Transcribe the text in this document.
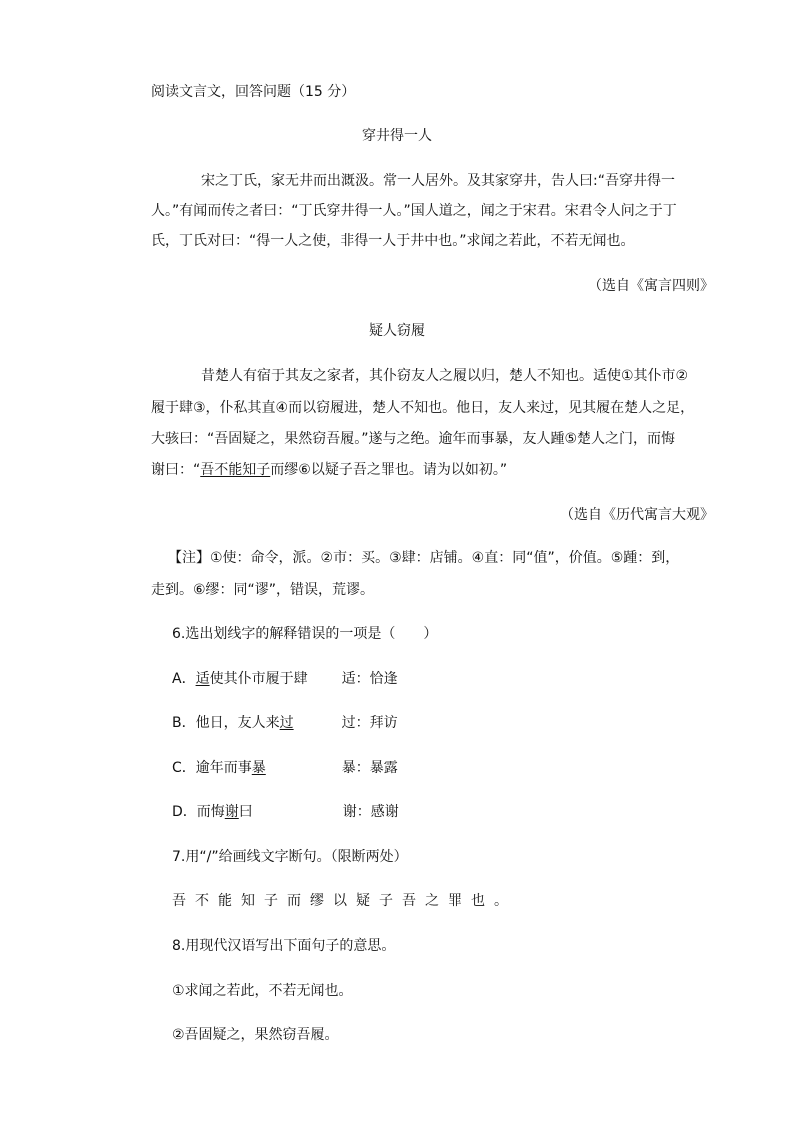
阅读文言文，回答问题（15 分）
穿井得一人
宋之丁氏，家无井而出溉汲。常一人居外。及其家穿井，告人曰:“吾穿井得一
人。”有闻而传之者曰：“丁氏穿井得一人。”国人道之，闻之于宋君。宋君令人问之于丁
氏，丁氏对曰：“得一人之使，非得一人于井中也。”求闻之若此，不若无闻也。
（选自《寓言四则》
疑人窃履
昔楚人有宿于其友之家者，其仆窃友人之履以归，楚人不知也。适使①其仆市②
履于肆③，仆私其直④而以窃履进，楚人不知也。他日，友人来过，见其履在楚人之足，
大骇曰：“吾固疑之，果然窃吾履。”遂与之绝。逾年而事暴，友人踵⑤楚人之门，而悔
谢曰：“吾不能知子而缪⑥以疑子吾之罪也。请为以如初。”
（选自《历代寓言大观》
【注】①使：命令，派。②市：买。③肆：店铺。④直：同“值”，价值。⑤踵：到，
走到。⑥缪：同“谬”，错误，荒谬。
6.选出划线字的解释错误的一项是（　　）
A．适使其仆市履于肆 适：恰逢
B．他日，友人来过	过：拜访
C．逾年而事暴	暴：暴露
D．而悔谢曰	谢：感谢
7.用“/”给画线文字断句。（限断两处）
吾不能知子而缪以疑子吾之罪也。
8.用现代汉语写出下面句子的意思。
①求闻之若此，不若无闻也。
②吾固疑之，果然窃吾履。
